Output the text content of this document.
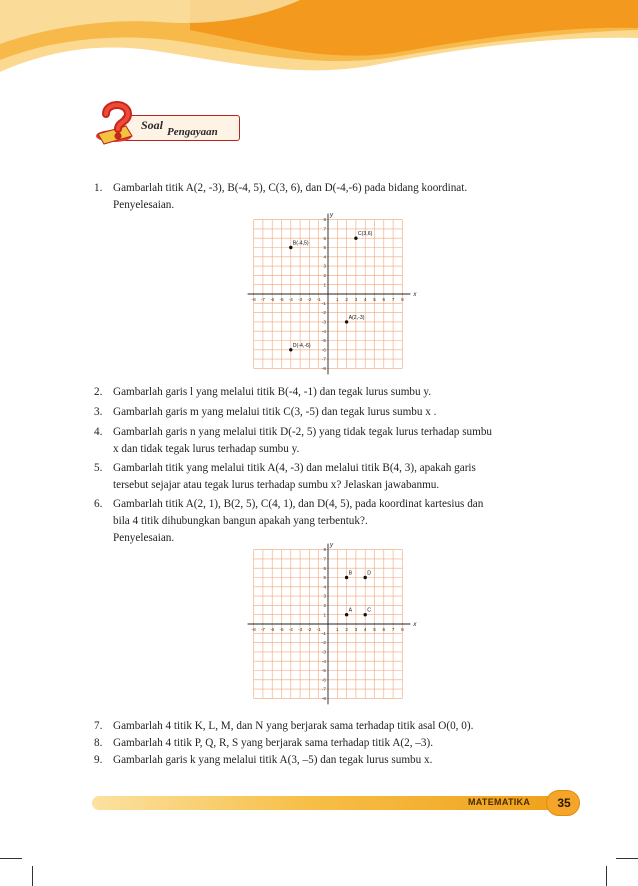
Soal Pengayaan
1. Gambarlah titik A(2, -3), B(-4, 5), C(3, 6), dan D(-4,-6) pada bidang koordinat.
Penyelesaian.
x
y
-8
-8
-7
-7
-6
-6
-5
-5
-4
-4
-3
-3
-2
-2
-1
-1
1
1
2
2
3
3
4
4
5
5
6
6
7
7
8
8
A(2,-3)
B(-4,5)
C(3,6)
D(-4,-6)
2. Gambarlah garis l yang melalui titik B(-4, -1) dan tegak lurus sumbu y.
3. Gambarlah garis m yang melalui titik C(3, -5) dan tegak lurus sumbu x .
4. Gambarlah garis n yang melalui titik D(-2, 5) yang tidak tegak lurus terhadap sumbu
x dan tidak tegak lurus terhadap sumbu y.
5. Gambarlah titik yang melalui titik A(4, -3) dan melalui titik B(4, 3), apakah garis
tersebut sejajar atau tegak lurus terhadap sumbu x? Jelaskan jawabanmu.
6. Gambarlah titik A(2, 1), B(2, 5), C(4, 1), dan D(4, 5), pada koordinat kartesius dan
bila 4 titik dihubungkan bangun apakah yang terbentuk?.
Penyelesaian.
x
y
-8
-8
-7
-7
-6
-6
-5
-5
-4
-4
-3
-3
-2
-2
-1
-1
1
1
2
2
3
3
4
4
5
5
6
6
7
7
8
8
A
B
C
D
7. Gambarlah 4 titik K, L, M, dan N yang berjarak sama terhadap titik asal O(0, 0).
8. Gambarlah 4 titik P, Q, R, S yang berjarak sama terhadap titik A(2, –3).
9. Gambarlah garis k yang melalui titik A(3, –5) dan tegak lurus sumbu x.
MATEMATIKA	35
